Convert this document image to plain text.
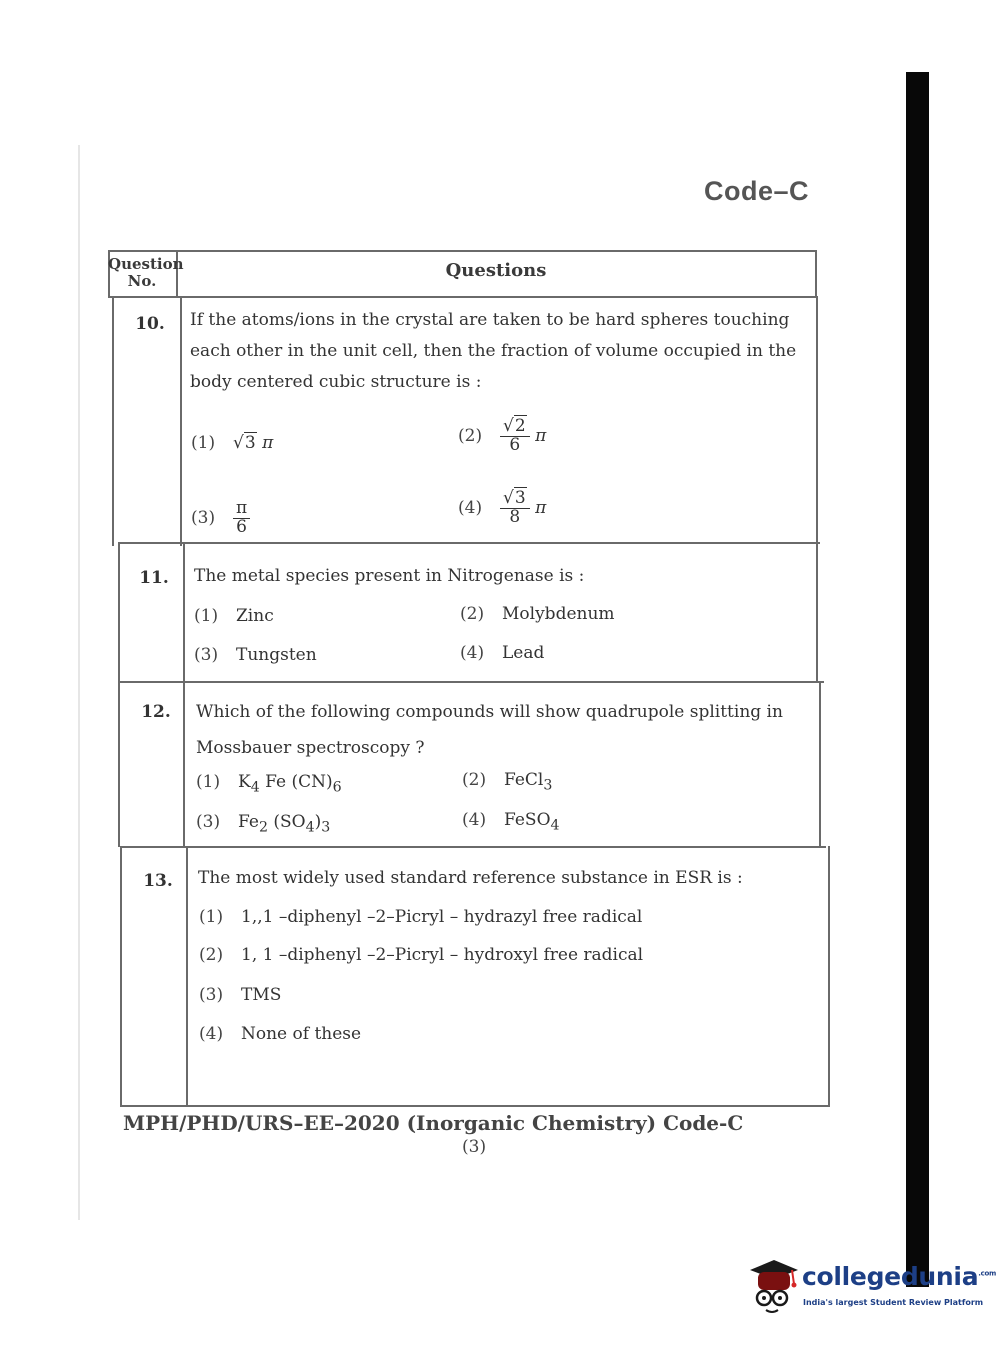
Code–C
Question No.	Questions
10.	If the atoms/ions in the crystal are taken to be hard spheres touching each other in the unit cell, then the fraction of volume occupied in the body centered cubic structure is :
(1) √3 π	$(2) \frac{√2}{6}$ π
$(3) \frac{\pi}{6}$	$(4) \frac{√3}{8}$ π
11.	The metal species present in Nitrogenase is :
(1) Zinc	(2) Molybdenum
(3) Tungsten	(4) Lead
12.	Which of the following compounds will show quadrupole splitting in Mossbauer spectroscopy ?
(1) $K_4$ Fe $(CN)_6$	(2) FeCl$_3$
(3) $Fe_2$ $(SO_4)_3$	(4) FeSO$_4$
13.	The most widely used standard reference substance in ESR is :
(1) 1,,1 –diphenyl –2–Picryl – hydrazyl free radical
(2) 1, 1 –diphenyl –2–Picryl – hydroxyl free radical
(3) TMS
(4) None of these
MPH/PHD/URS–EE–2020 (Inorganic Chemistry) Code-C
(3)
collegedunia$^{.com}$
India's largest Student Review Platform
